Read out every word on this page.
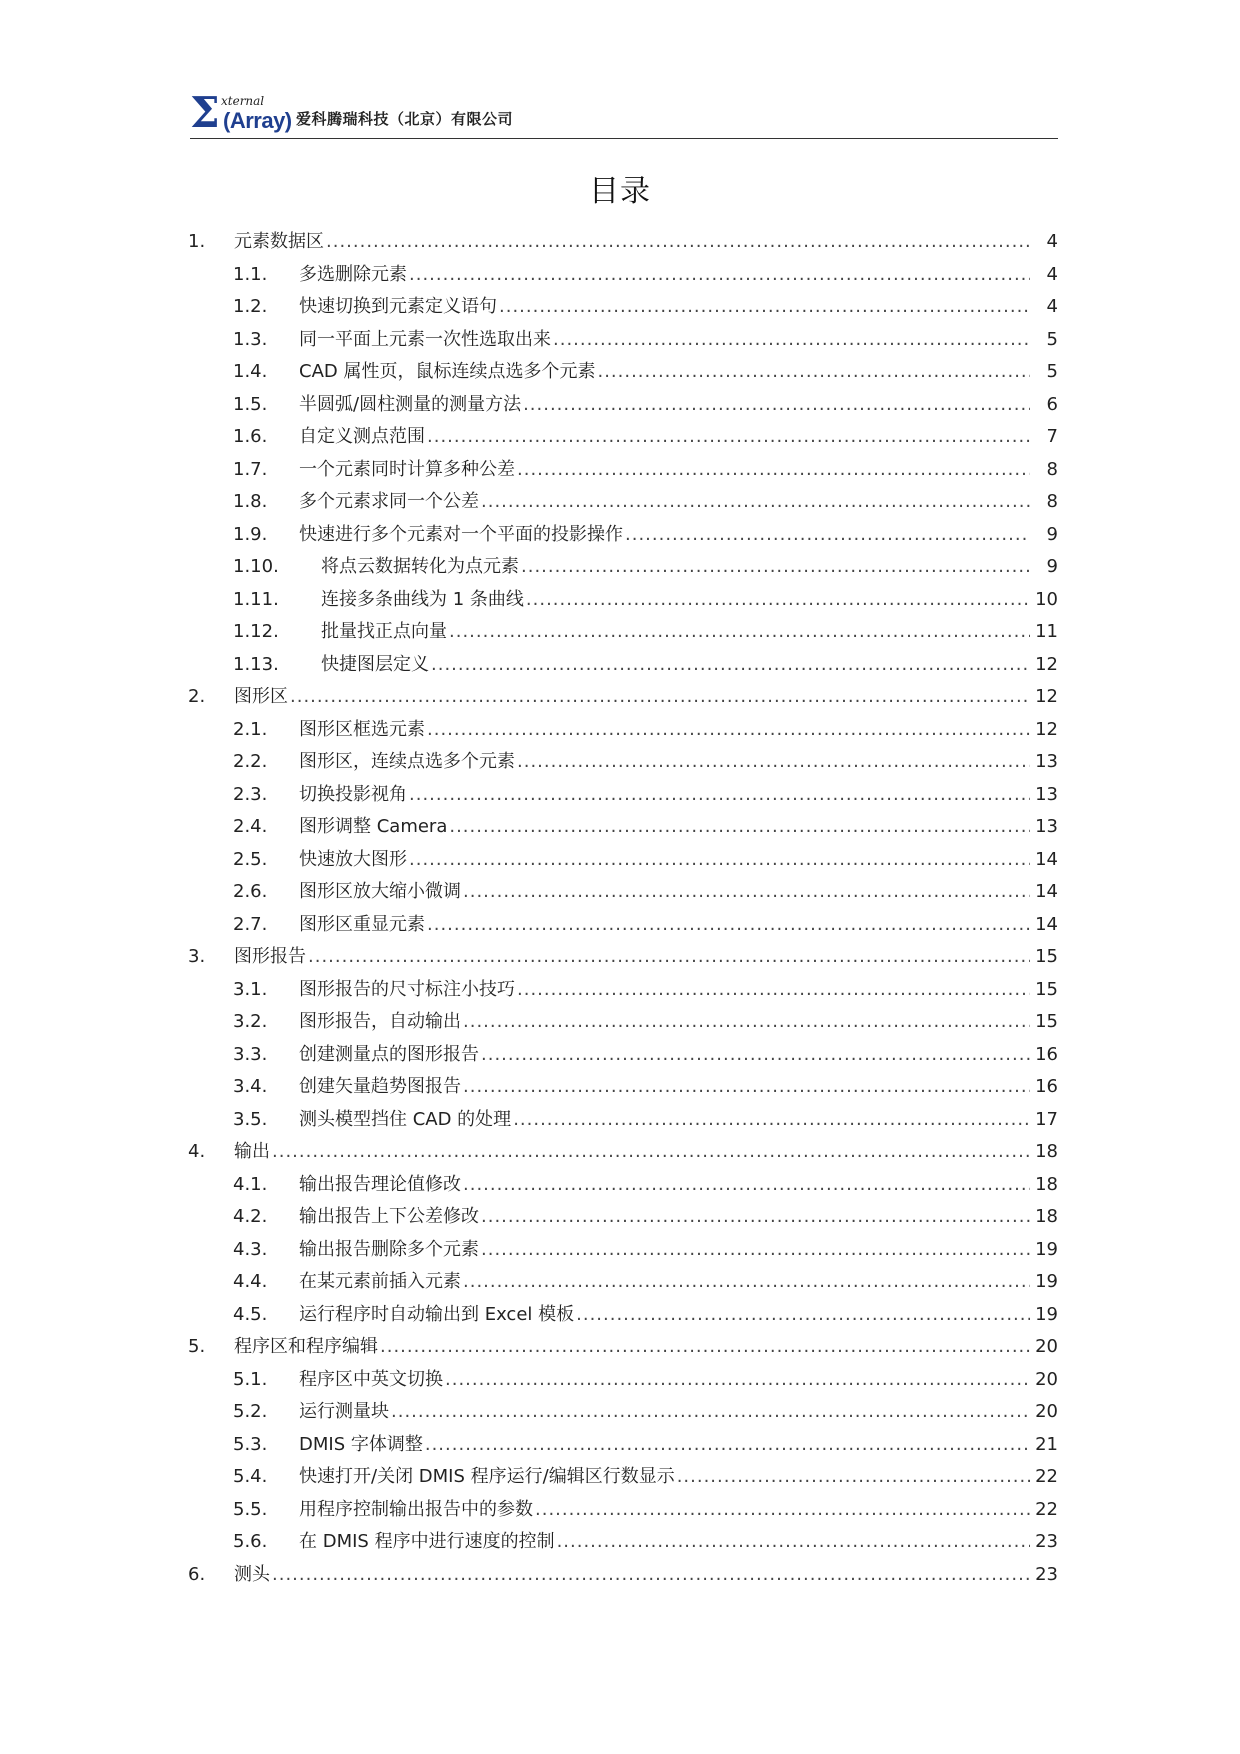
Σ xternal
(Array) 爱科腾瑞科技（北京）有限公司
目录
1.	元素数据区 .....	4
1.1.	多选删除元素 .....	4
1.2.	快速切换到元素定义语句 .....	4
1.3.	同一平面上元素一次性选取出来 .....	5
1.4.	CAD 属性页，鼠标连续点选多个元素 .....	5
1.5.	半圆弧/圆柱测量的测量方法 .....	6
1.6.	自定义测点范围 .....	7
1.7.	一个元素同时计算多种公差 .....	8
1.8.	多个元素求同一个公差 .....	8
1.9.	快速进行多个元素对一个平面的投影操作 .....	9
1.10.	将点云数据转化为点元素 .....	9
1.11.	连接多条曲线为 1 条曲线 .....	10
1.12.	批量找正点向量 .....	11
1.13.	快捷图层定义 .....	12
2.	图形区 .....	12
2.1.	图形区框选元素 .....	12
2.2.	图形区，连续点选多个元素 .....	13
2.3.	切换投影视角 .....	13
2.4.	图形调整 Camera .....	13
2.5.	快速放大图形 .....	14
2.6.	图形区放大缩小微调 .....	14
2.7.	图形区重显元素 .....	14
3.	图形报告 .....	15
3.1.	图形报告的尺寸标注小技巧 .....	15
3.2.	图形报告，自动输出 .....	15
3.3.	创建测量点的图形报告 .....	16
3.4.	创建矢量趋势图报告 .....	16
3.5.	测头模型挡住 CAD 的处理 .....	17
4.	输出 .....	18
4.1.	输出报告理论值修改 .....	18
4.2.	输出报告上下公差修改 .....	18
4.3.	输出报告删除多个元素 .....	19
4.4.	在某元素前插入元素 .....	19
4.5.	运行程序时自动输出到 Excel 模板 .....	19
5.	程序区和程序编辑 .....	20
5.1.	程序区中英文切换 .....	20
5.2.	运行测量块 .....	20
5.3.	DMIS 字体调整 .....	21
5.4.	快速打开/关闭 DMIS 程序运行/编辑区行数显示 .....	22
5.5.	用程序控制输出报告中的参数 .....	22
5.6.	在 DMIS 程序中进行速度的控制 .....	23
6.	测头 .....	23
